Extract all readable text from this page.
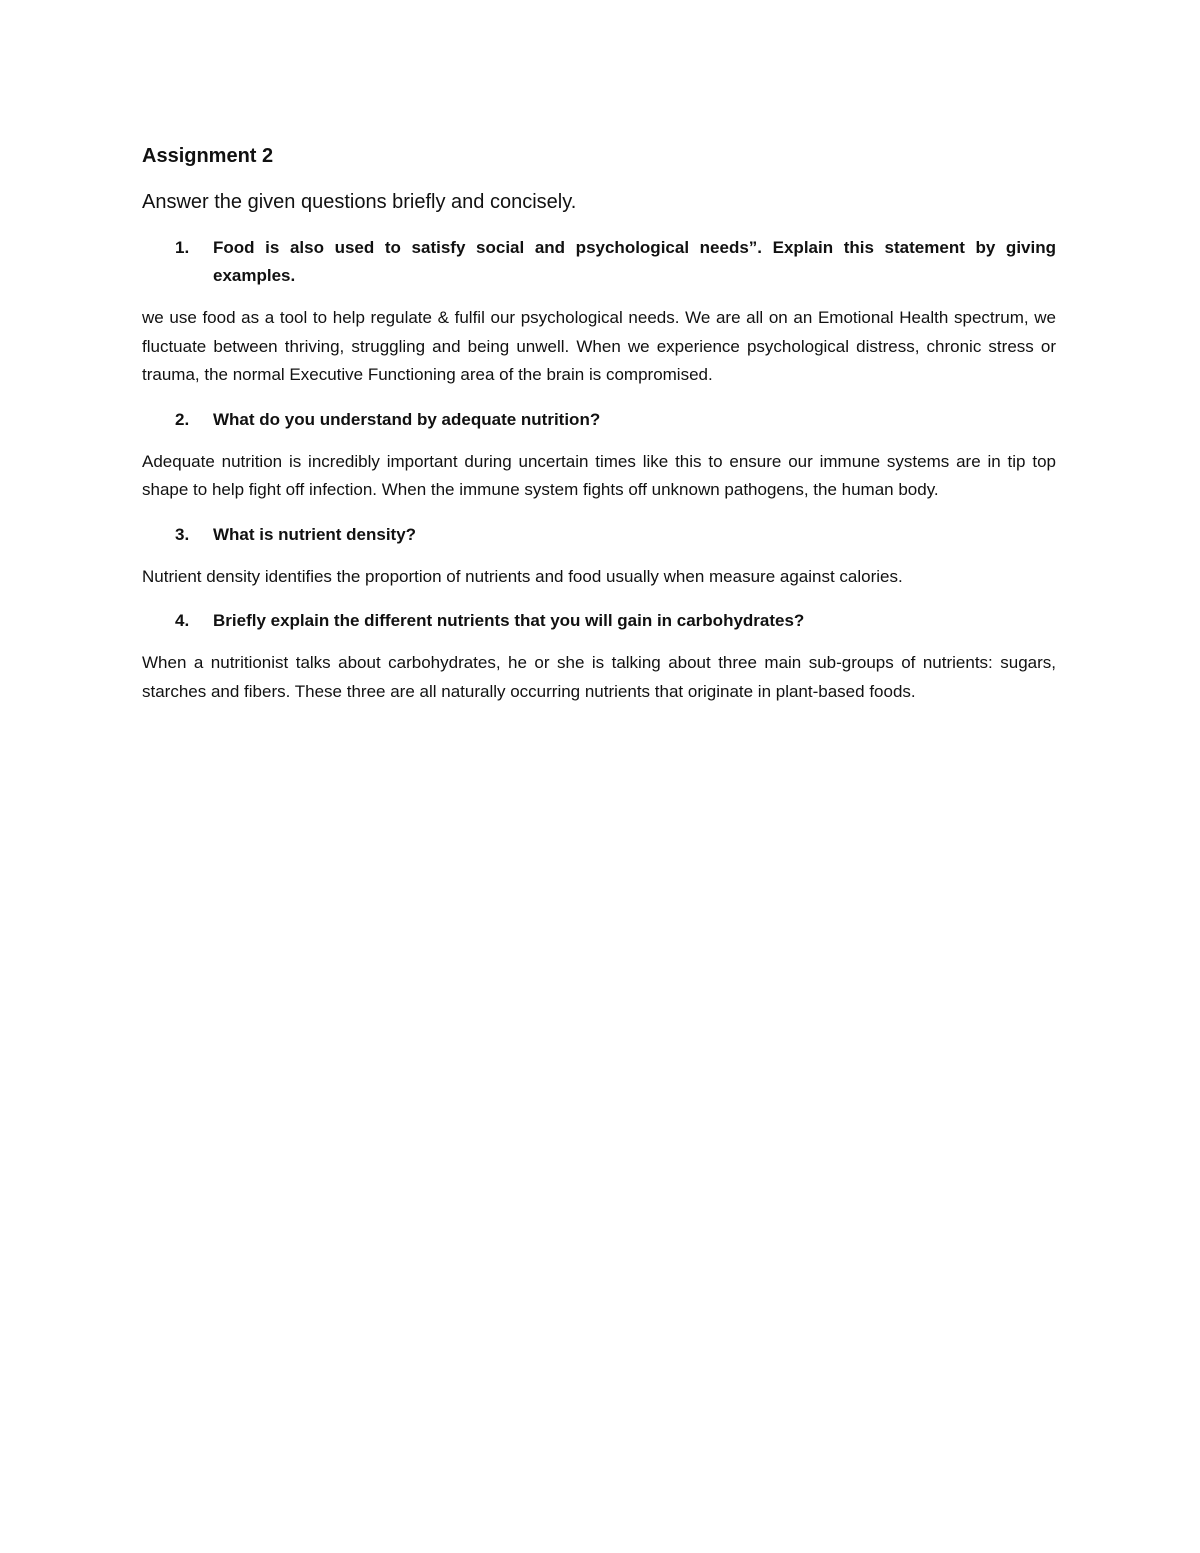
Assignment 2
Answer the given questions briefly and concisely.
1.	Food is also used to satisfy social and psychological needs”. Explain this statement by giving examples.

we use food as a tool to help regulate & fulfil our psychological needs. We are all on an Emotional Health spectrum, we fluctuate between thriving, struggling and being unwell. When we experience psychological distress, chronic stress or trauma, the normal Executive Functioning area of the brain is compromised.

2.	What do you understand by adequate nutrition?

Adequate nutrition is incredibly important during uncertain times like this to ensure our immune systems are in tip top shape to help fight off infection. When the immune system fights off unknown pathogens, the human body.

3.	What is nutrient density?

Nutrient density identifies the proportion of nutrients and food usually when measure against calories.

4.	Briefly explain the different nutrients that you will gain in carbohydrates?

When a nutritionist talks about carbohydrates, he or she is talking about three main sub-groups of nutrients: sugars, starches and fibers. These three are all naturally occurring nutrients that originate in plant-based foods.
